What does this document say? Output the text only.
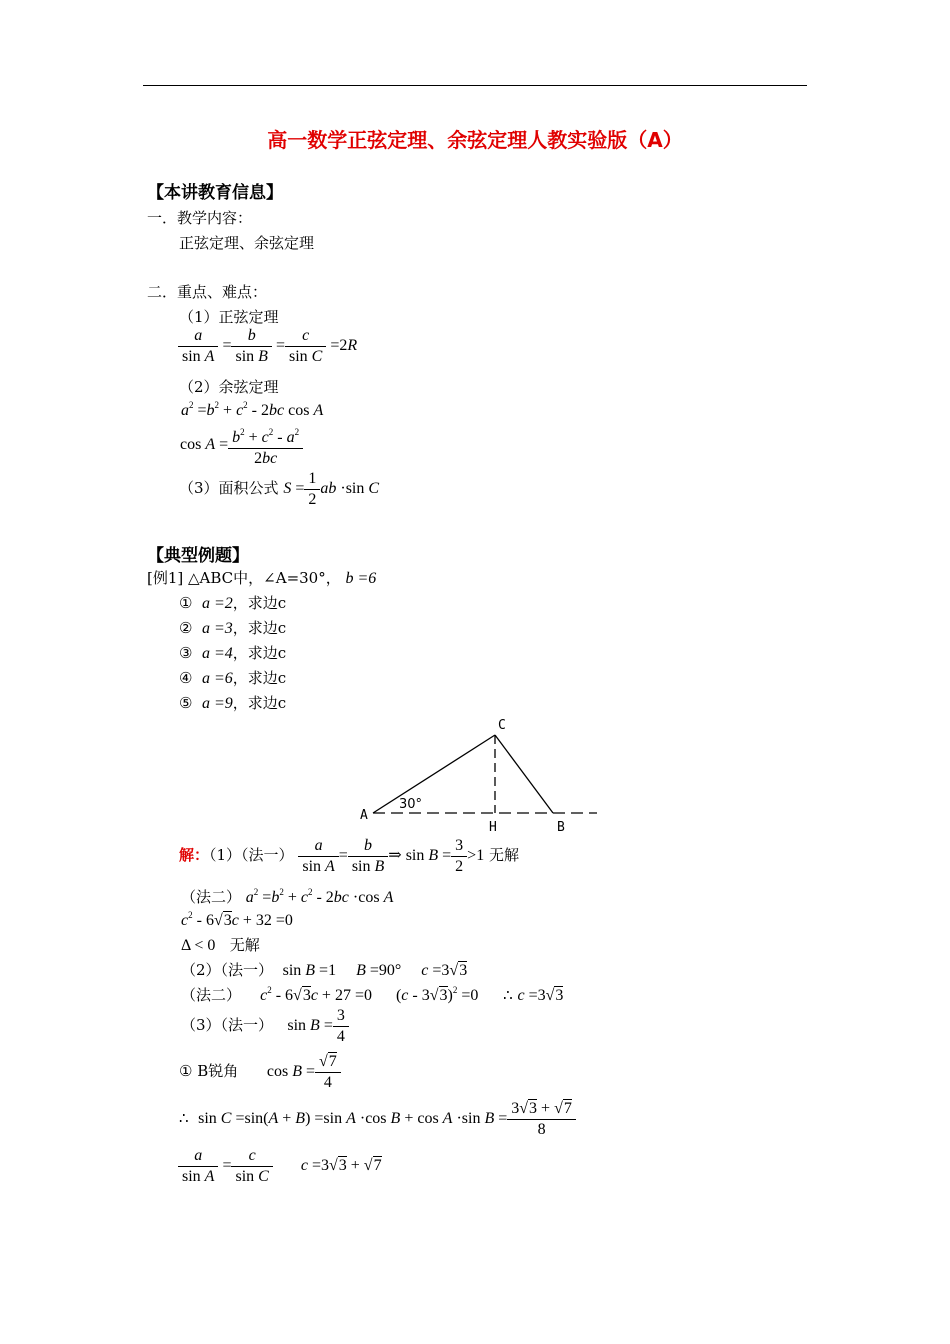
高一数学正弦定理、余弦定理人教实验版（A）
【本讲教育信息】
一．教学内容：
正弦定理、余弦定理
二．重点、难点：
（1）正弦定理
$\frac{a}{\text{sin A}} = \frac{b}{\text{sin B}} = \frac{c}{\text{sin C}} =2R$
（2）余弦定理
$a^2 =b^2 + c^2 - 2bc$ cos A
$\cos A = \frac{b^2 + c^2 - a^2}{2bc}$
（3）面积公式 $S = \frac{1}{2}$ ab ·sin C
【典型例题】
[例1] △ABC中，∠A=30°， b =6
① a =2，求边c
② a =3，求边c
③ a =4，求边c
④ a =6，求边c
⑤ a =9，求边c
C
A
H	B
30°
解：（1）（法一） $\frac{a}{\text{sin A}} = \frac{b}{\text{sin B}}$ ⇒ $\sin B = \frac{3}{2} >1$ 无解
（法二） $a^2 =b^2 + c^2 - 2bc \cdot\cos$ A
$c^2 - 6√3c + 32 =0$
Δ < 0 无解
（2）（法一） sin B =1     B =90°     c =3√3
（法二） $c^2 - 6√3c + 27 =0$      (c - 3√3)$^2$ =0      ∴ c =3√3
（3）（法一） $\sin B = \frac{3}{4}$
① B锐角 $\cos B = \frac{√7}{4}$
∴ sin C =sin(A + B) =sin A ·cos B + cos A ·sin $B = \frac{3√3 + √7}{8}$
$\frac{a}{\text{sin A}} = \frac{c}{\text{sin C}}$ c =3√3 + √7
